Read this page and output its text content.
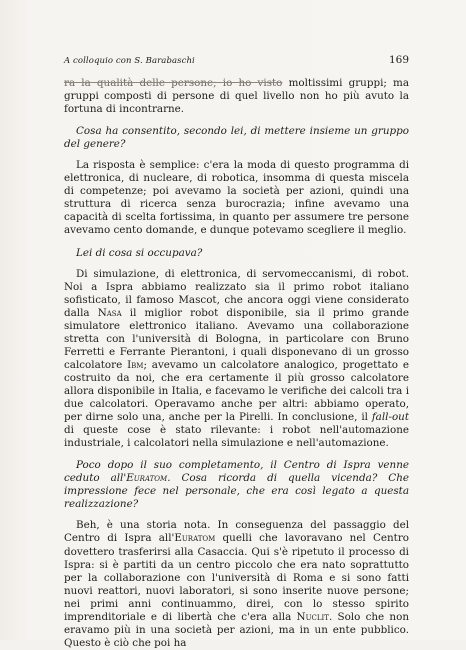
A colloquio con S. Barabaschi	169

ra la qualità delle persone; io ho visto moltissimi gruppi; ma gruppi composti di persone di quel livello non ho più avuto la fortuna di incontrarne.

Cosa ha consentito, secondo lei, di mettere insieme un gruppo del genere?

La risposta è semplice: c'era la moda di questo programma di elettronica, di nucleare, di robotica, insomma di questa miscela di competenze; poi avevamo la società per azioni, quindi una struttura di ricerca senza burocrazia; infine avevamo una capacità di scelta fortissima, in quanto per assumere tre persone avevamo cento domande, e dunque potevamo scegliere il meglio.

Lei di cosa si occupava?

Di simulazione, di elettronica, di servomeccanismi, di robot. Noi a Ispra abbiamo realizzato sia il primo robot italiano sofisticato, il famoso Mascot, che ancora oggi viene considerato dalla Nasa il miglior robot disponibile, sia il primo grande simulatore elettronico italiano. Avevamo una collaborazione stretta con l'università di Bologna, in particolare con Bruno Ferretti e Ferrante Pierantoni, i quali disponevano di un grosso calcolatore Ibm; avevamo un calcolatore analogico, progettato e costruito da noi, che era certamente il più grosso calcolatore allora disponibile in Italia, e facevamo le verifiche dei calcoli tra i due calcolatori. Operavamo anche per altri: abbiamo operato, per dirne solo una, anche per la Pirelli. In conclusione, il fall-out di queste cose è stato rilevante: i robot nell'automazione industriale, i calcolatori nella simulazione e nell'automazione.

Poco dopo il suo completamento, il Centro di Ispra venne ceduto all'Euratom. Cosa ricorda di quella vicenda? Che impressione fece nel personale, che era così legato a questa realizzazione?

Beh, è una storia nota. In conseguenza del passaggio del Centro di Ispra all'Euratom quelli che lavoravano nel Centro dovettero trasferirsi alla Casaccia. Qui s'è ripetuto il processo di Ispra: si è partiti da un centro piccolo che era nato soprattutto per la collaborazione con l'università di Roma e si sono fatti nuovi reattori, nuovi laboratori, si sono inserite nuove persone; nei primi anni continuammo, direi, con lo stesso spirito imprenditoriale e di libertà che c'era alla Nuclit. Solo che non eravamo più in una società per azioni, ma in un ente pubblico. Questo è ciò che poi ha
